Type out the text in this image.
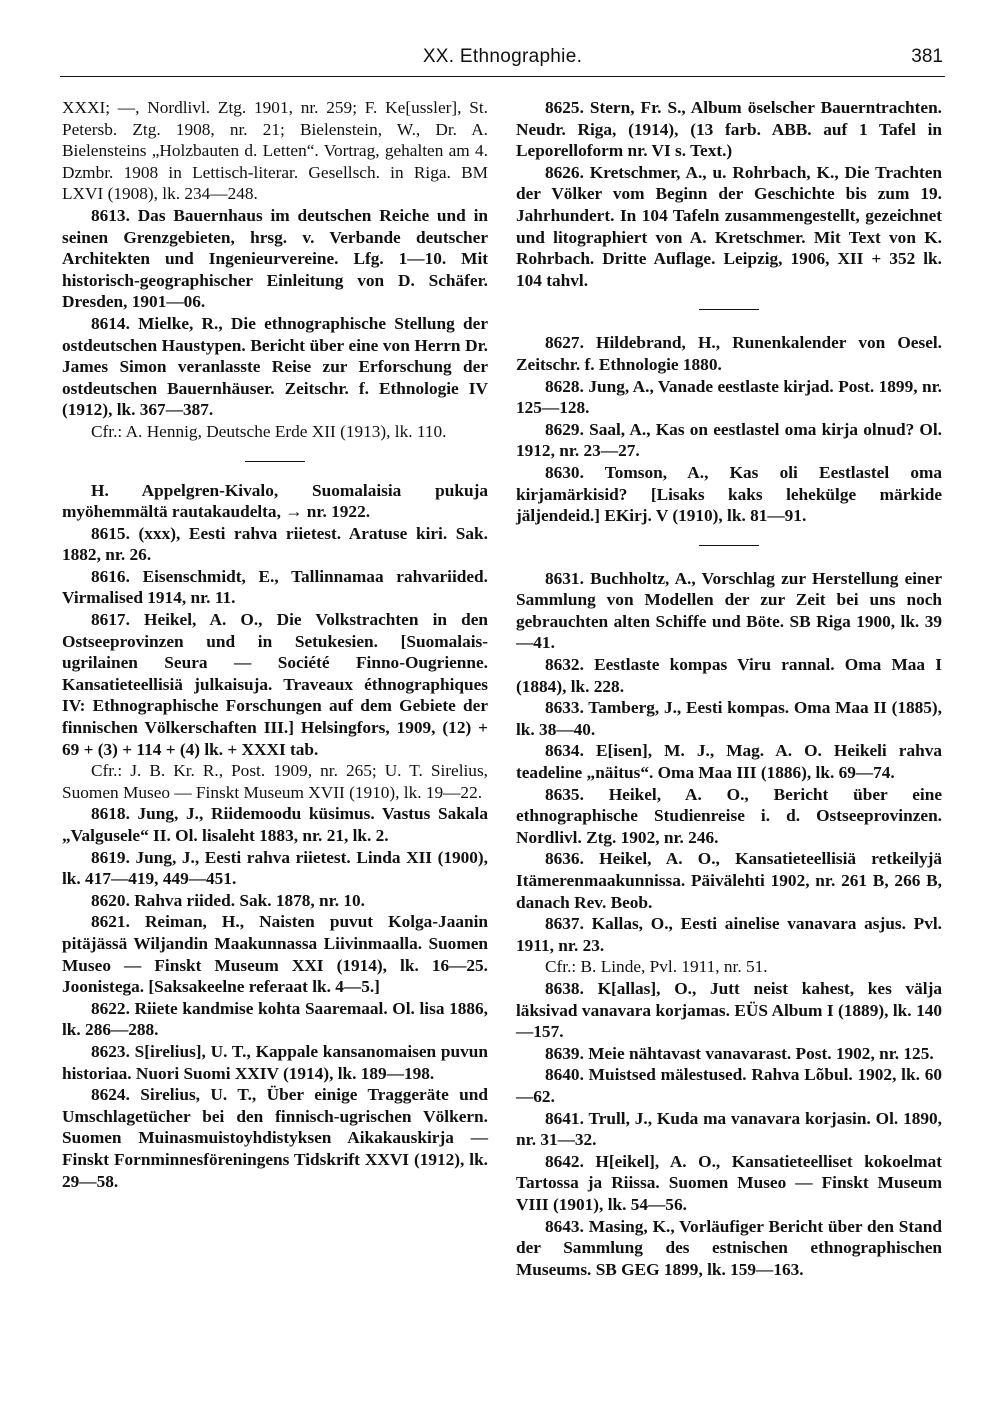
XX. Ethnographie.	381

XXXI; —, Nordlivl. Ztg. 1901, nr. 259; F. Ke[ussler], St. Petersb. Ztg. 1908, nr. 21; Bielenstein, W., Dr. A. Bielensteins „Holzbauten d. Letten“. Vortrag, gehalten am 4. Dzmbr. 1908 in Lettisch-literar. Gesellsch. in Riga. BM LXVI (1908), lk. 234—248.

8613. Das Bauernhaus im deutschen Reiche und in seinen Grenzgebieten, hrsg. v. Verbande deutscher Architekten und Ingenieurvereine. Lfg. 1—10. Mit historisch-geographischer Einleitung von D. Schäfer. Dresden, 1901—06.

8614. Mielke, R., Die ethnographische Stellung der ostdeutschen Haustypen. Bericht über eine von Herrn Dr. James Simon veranlasste Reise zur Erforschung der ostdeutschen Bauernhäuser. Zeitschr. f. Ethnologie IV (1912), lk. 367—387.

Cfr.: A. Hennig, Deutsche Erde XII (1913), lk. 110.

H. Appelgren-Kivalo, Suomalaisia pukuja myöhemmältä rautakaudelta, → nr. 1922.

8615. (xxx), Eesti rahva riietest. Aratuse kiri. Sak. 1882, nr. 26.

8616. Eisenschmidt, E., Tallinnamaa rahvariided. Virmalised 1914, nr. 11.

8617. Heikel, A. O., Die Volkstrachten in den Ostseeprovinzen und in Setukesien. [Suomalais-ugrilainen Seura — Société Finno-Ougrienne. Kansatieteellisiä julkaisuja. Traveaux éthnographiques IV: Ethnographische Forschungen auf dem Gebiete der finnischen Völkerschaften III.] Helsingfors, 1909, (12) + 69 + (3) + 114 + (4) lk. + XXXI tab.

Cfr.: J. B. Kr. R., Post. 1909, nr. 265; U. T. Sirelius, Suomen Museo — Finskt Museum XVII (1910), lk. 19—22.

8618. Jung, J., Riidemoodu küsimus. Vastus Sakala „Valgusele“ II. Ol. lisaleht 1883, nr. 21, lk. 2.

8619. Jung, J., Eesti rahva riietest. Linda XII (1900), lk. 417—419, 449—451.

8620. Rahva riided. Sak. 1878, nr. 10.

8621. Reiman, H., Naisten puvut Kolga-Jaanin pitäjässä Wiljandin Maakunnassa Liivinmaalla. Suomen Museo — Finskt Museum XXI (1914), lk. 16—25. Joonistega. [Saksakeelne referaat lk. 4—5.]

8622. Riiete kandmise kohta Saaremaal. Ol. lisa 1886, lk. 286—288.

8623. S[irelius], U. T., Kappale kansanomaisen puvun historiaa. Nuori Suomi XXIV (1914), lk. 189—198.

8624. Sirelius, U. T., Über einige Traggeräte und Umschlagetücher bei den finnisch-ugrischen Völkern. Suomen Muinasmuistoyhdistyksen Aikakauskirja — Finskt Fornminnesföreningens Tidskrift XXVI (1912), lk. 29—58.

8625. Stern, Fr. S., Album öselscher Bauerntrachten. Neudr. Riga, (1914), (13 farb. ABB. auf 1 Tafel in Leporelloform nr. VI s. Text.)

8626. Kretschmer, A., u. Rohrbach, K., Die Trachten der Völker vom Beginn der Geschichte bis zum 19. Jahrhundert. In 104 Tafeln zusammengestellt, gezeichnet und litographiert von A. Kretschmer. Mit Text von K. Rohrbach. Dritte Auflage. Leipzig, 1906, XII + 352 lk. 104 tahvl.

8627. Hildebrand, H., Runenkalender von Oesel. Zeitschr. f. Ethnologie 1880.

8628. Jung, A., Vanade eestlaste kirjad. Post. 1899, nr. 125—128.

8629. Saal, A., Kas on eestlastel oma kirja olnud? Ol. 1912, nr. 23—27.

8630. Tomson, A., Kas oli Eestlastel oma kirjamärkisid? [Lisaks kaks lehekülge märkide jäljendeid.] EKirj. V (1910), lk. 81—91.

8631. Buchholtz, A., Vorschlag zur Herstellung einer Sammlung von Modellen der zur Zeit bei uns noch gebrauchten alten Schiffe und Böte. SB Riga 1900, lk. 39—41.

8632. Eestlaste kompas Viru rannal. Oma Maa I (1884), lk. 228.

8633. Tamberg, J., Eesti kompas. Oma Maa II (1885), lk. 38—40.

8634. E[isen], M. J., Mag. A. O. Heikeli rahva teadeline „näitus“. Oma Maa III (1886), lk. 69—74.

8635. Heikel, A. O., Bericht über eine ethnographische Studienreise i. d. Ostseeprovinzen. Nordlivl. Ztg. 1902, nr. 246.

8636. Heikel, A. O., Kansatieteellisiä retkeilyjä Itämerenmaakunnissa. Päivälehti 1902, nr. 261 B, 266 B, danach Rev. Beob.

8637. Kallas, O., Eesti ainelise vanavara asjus. Pvl. 1911, nr. 23.

Cfr.: B. Linde, Pvl. 1911, nr. 51.

8638. K[allas], O., Jutt neist kahest, kes välja läksivad vanavara korjamas. EÜS Album I (1889), lk. 140—157.

8639. Meie nähtavast vanavarast. Post. 1902, nr. 125.

8640. Muistsed mälestused. Rahva Lõbul. 1902, lk. 60—62.

8641. Trull, J., Kuda ma vanavara korjasin. Ol. 1890, nr. 31—32.

8642. H[eikel], A. O., Kansatieteelliset kokoelmat Tartossa ja Riissa. Suomen Museo — Finskt Museum VIII (1901), lk. 54—56.

8643. Masing, K., Vorläufiger Bericht über den Stand der Sammlung des estnischen ethnographischen Museums. SB GEG 1899, lk. 159—163.
